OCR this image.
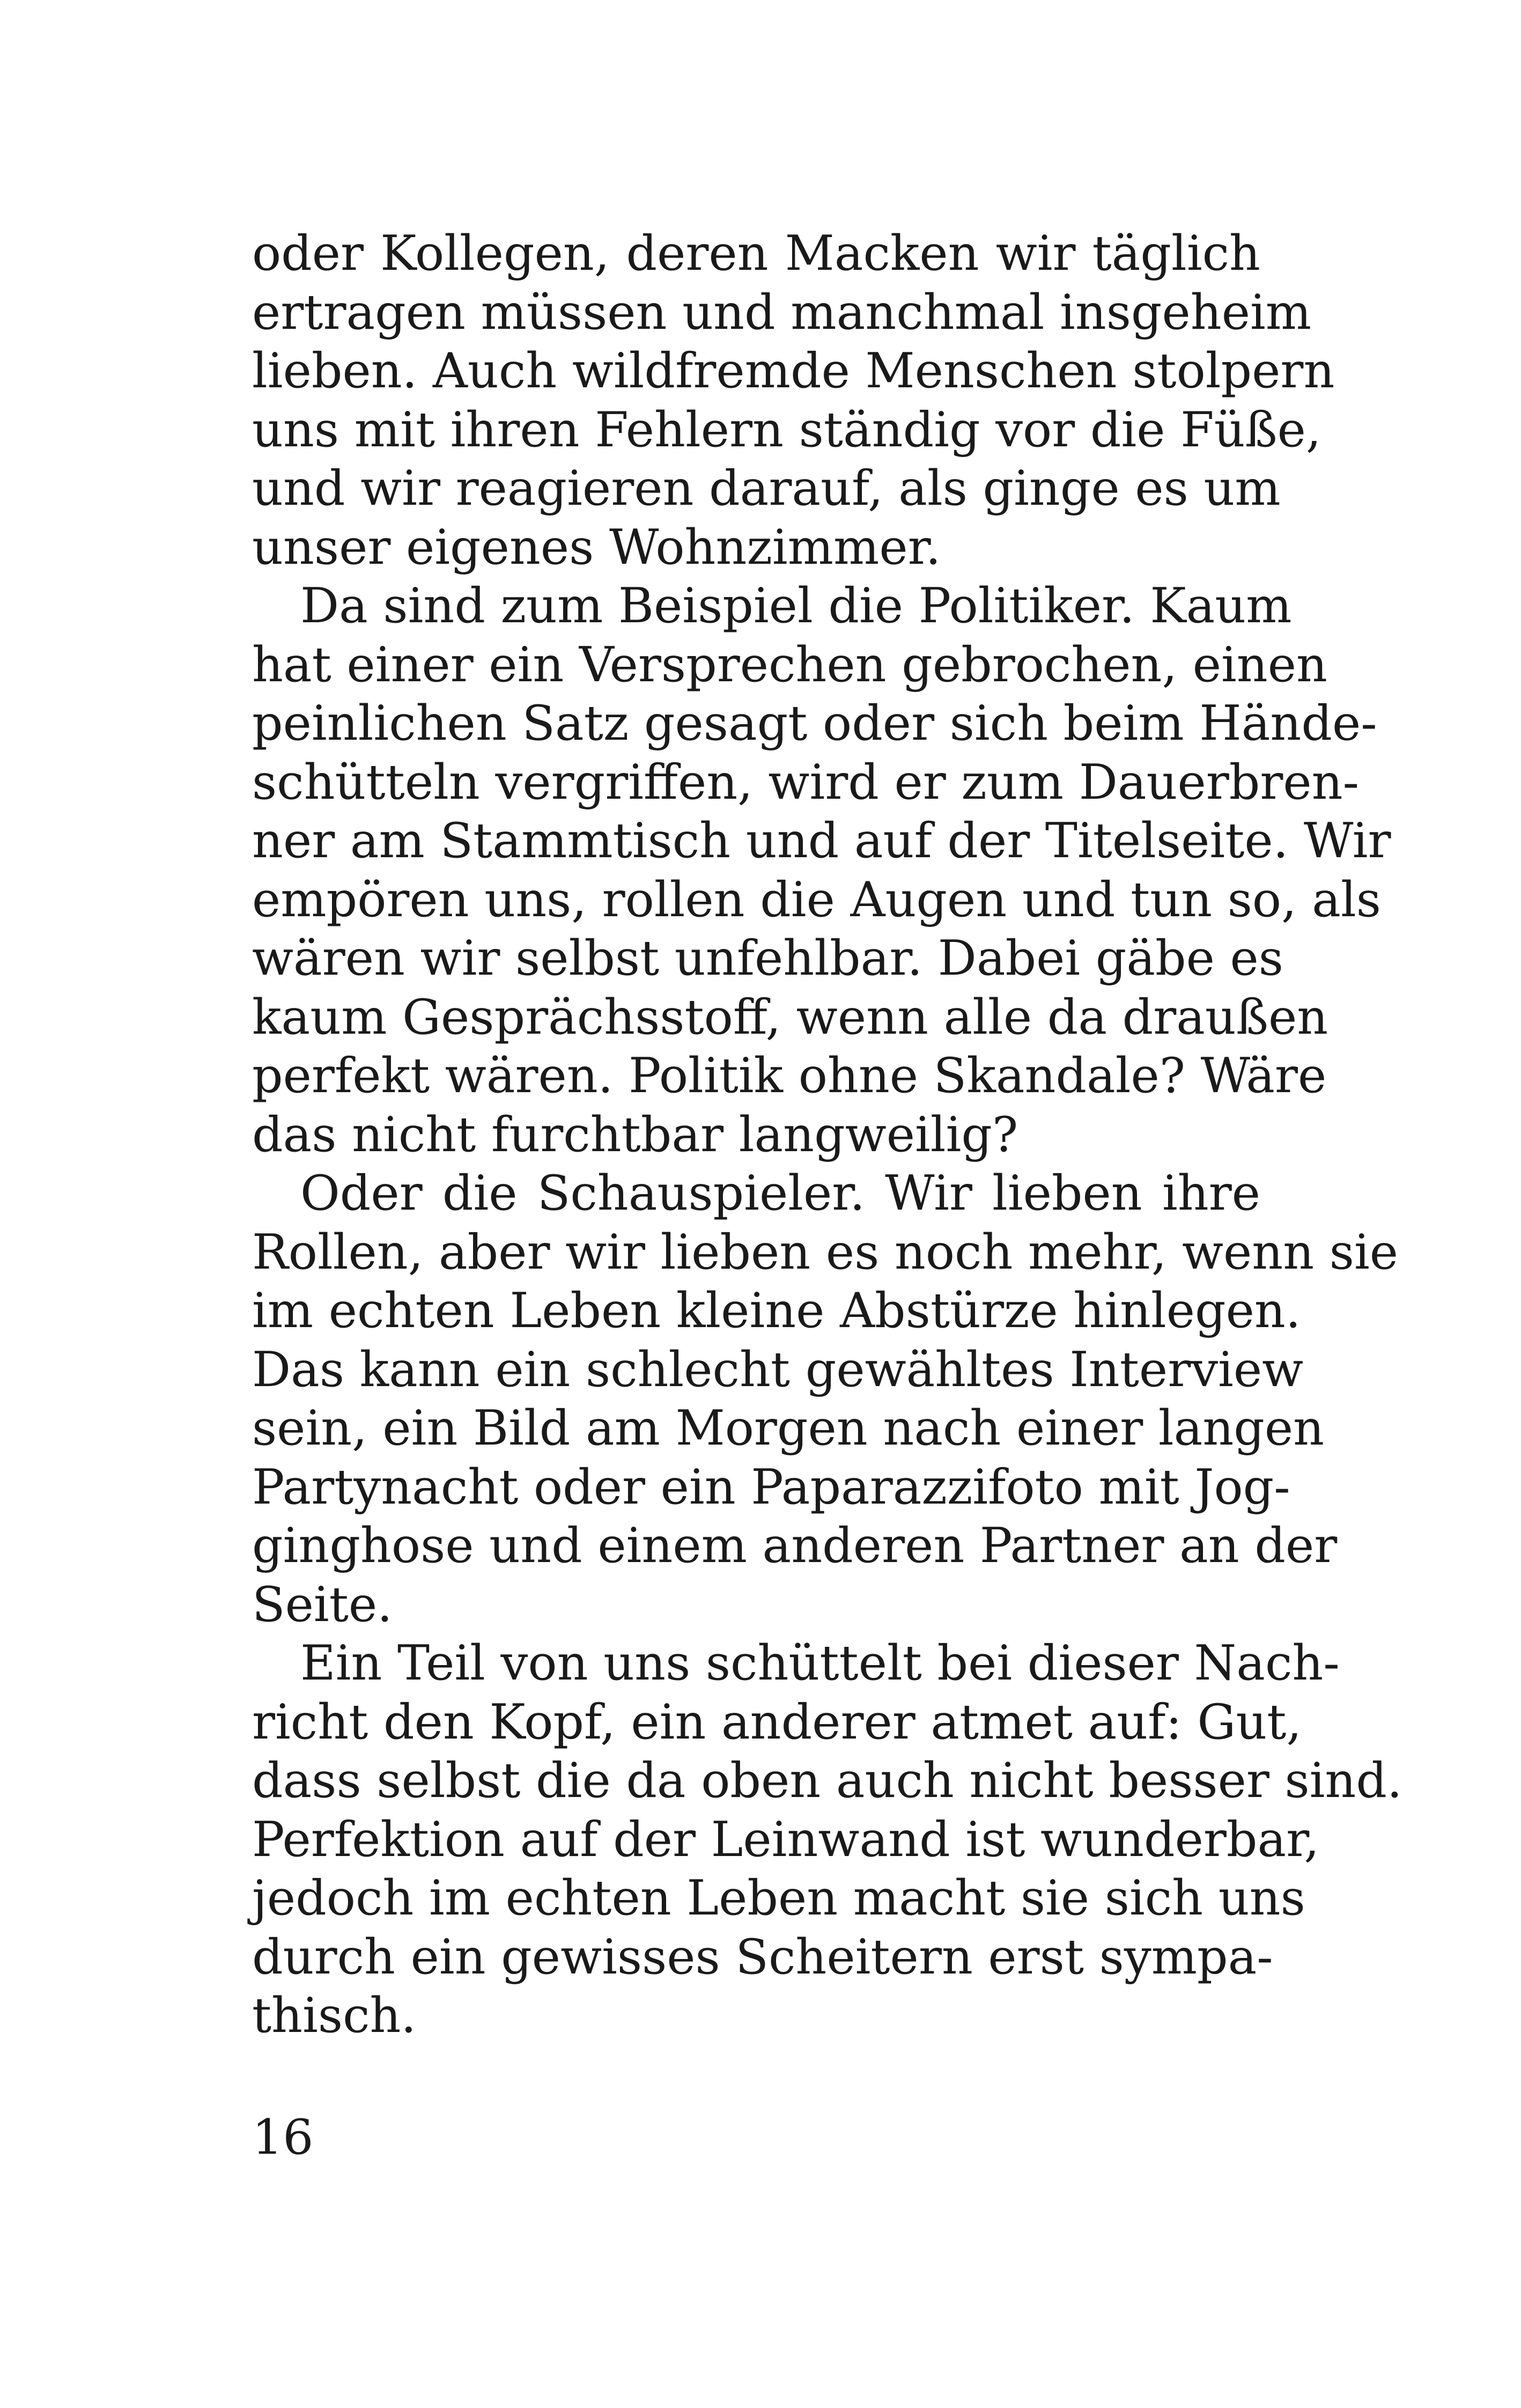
oder Kollegen, deren Macken wir täglich
ertragen müssen und manchmal insgeheim
lieben. Auch wildfremde Menschen stolpern
uns mit ihren Fehlern ständig vor die Füße,
und wir reagieren darauf, als ginge es um
unser eigenes Wohnzimmer.
Da sind zum Beispiel die Politiker. Kaum
hat einer ein Versprechen gebrochen, einen
peinlichen Satz gesagt oder sich beim Hände-
schütteln vergriffen, wird er zum Dauerbren-
ner am Stammtisch und auf der Titelseite. Wir
empören uns, rollen die Augen und tun so, als
wären wir selbst unfehlbar. Dabei gäbe es
kaum Gesprächsstoff, wenn alle da draußen
perfekt wären. Politik ohne Skandale? Wäre
das nicht furchtbar langweilig?
Oder die Schauspieler. Wir lieben ihre
Rollen, aber wir lieben es noch mehr, wenn sie
im echten Leben kleine Abstürze hinlegen.
Das kann ein schlecht gewähltes Interview
sein, ein Bild am Morgen nach einer langen
Partynacht oder ein Paparazzifoto mit Jog-
ginghose und einem anderen Partner an der
Seite.
Ein Teil von uns schüttelt bei dieser Nach-
richt den Kopf, ein anderer atmet auf: Gut,
dass selbst die da oben auch nicht besser sind.
Perfektion auf der Leinwand ist wunderbar,
jedoch im echten Leben macht sie sich uns
durch ein gewisses Scheitern erst sympa-
thisch.
16
